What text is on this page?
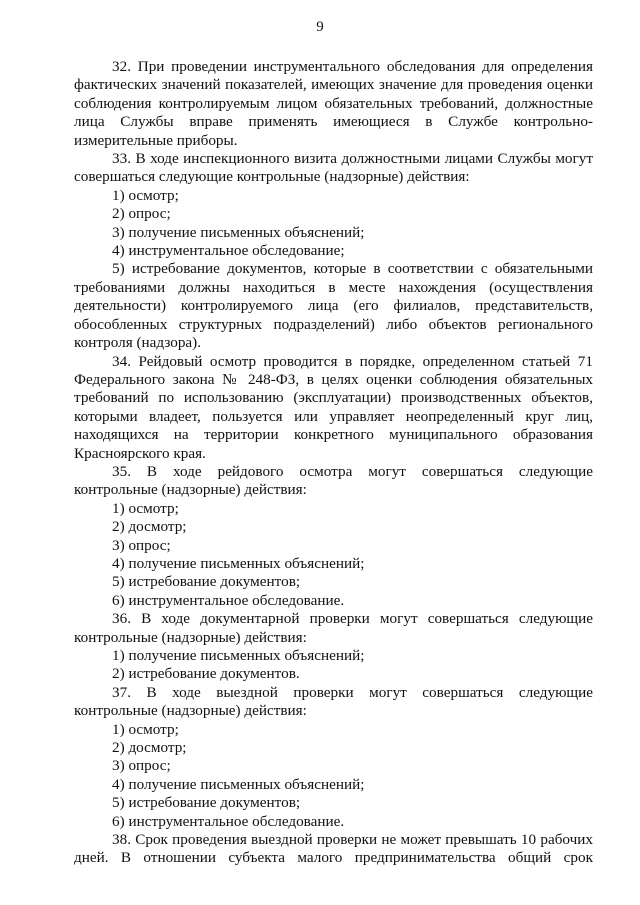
9

32. При проведении инструментального обследования для определения фактических значений показателей, имеющих значение для проведения оценки соблюдения контролируемым лицом обязательных требований, должностные лица Службы вправе применять имеющиеся в Службе контрольно-измерительные приборы.

33. В ходе инспекционного визита должностными лицами Службы могут совершаться следующие контрольные (надзорные) действия:

1) осмотр;

2) опрос;

3) получение письменных объяснений;

4) инструментальное обследование;

5) истребование документов, которые в соответствии с обязательными требованиями должны находиться в месте нахождения (осуществления деятельности) контролируемого лица (его филиалов, представительств, обособленных структурных подразделений) либо объектов регионального контроля (надзора).

34. Рейдовый осмотр проводится в порядке, определенном статьей 71 Федерального закона № 248-ФЗ, в целях оценки соблюдения обязательных требований по использованию (эксплуатации) производственных объектов, которыми владеет, пользуется или управляет неопределенный круг лиц, находящихся на территории конкретного муниципального образования Красноярского края.

35. В ходе рейдового осмотра могут совершаться следующие контрольные (надзорные) действия:

1) осмотр;

2) досмотр;

3) опрос;

4) получение письменных объяснений;

5) истребование документов;

6) инструментальное обследование.

36. В ходе документарной проверки могут совершаться следующие контрольные (надзорные) действия:

1) получение письменных объяснений;

2) истребование документов.

37. В ходе выездной проверки могут совершаться следующие контрольные (надзорные) действия:

1) осмотр;

2) досмотр;

3) опрос;

4) получение письменных объяснений;

5) истребование документов;

6) инструментальное обследование.

38. Срок проведения выездной проверки не может превышать 10 рабочих дней. В отношении субъекта малого предпринимательства общий срок
